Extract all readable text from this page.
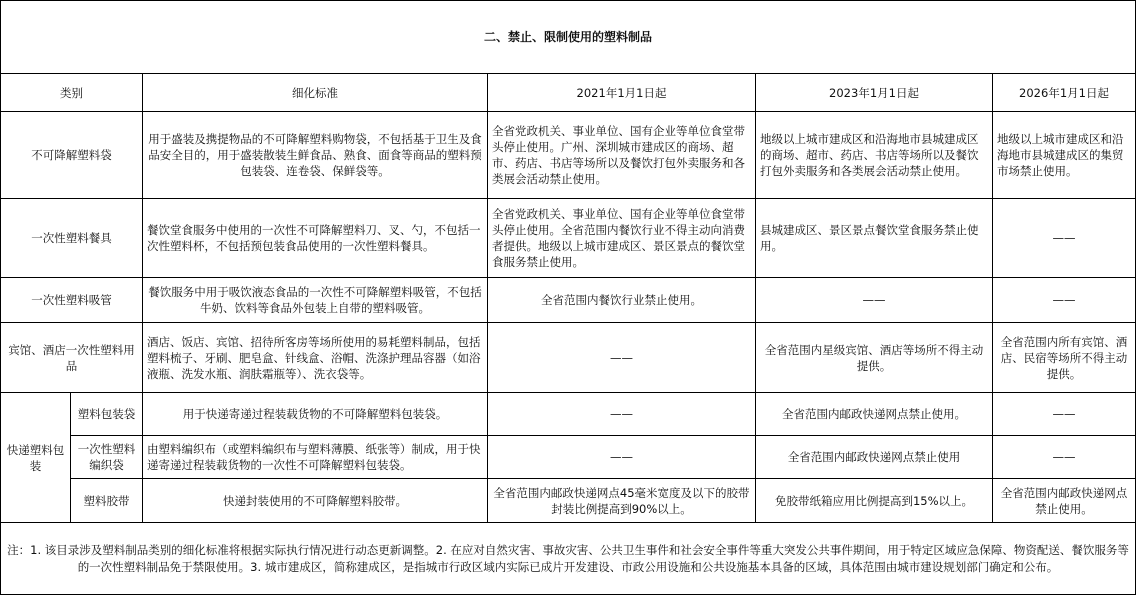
二、禁止、限制使用的塑料制品					
类别		细化标准	2021年1月1日起	2023年1月1日起	2026年1月1日起
不可降解塑料袋		用于盛装及携提物品的不可降解塑料购物袋，不包括基于卫生及食品安全目的，用于盛装散装生鲜食品、熟食、面食等商品的塑料预包装袋、连卷袋、保鲜袋等。	全省党政机关、事业单位、国有企业等单位食堂带头停止使用。广州、深圳城市建成区的商场、超市、药店、书店等场所以及餐饮打包外卖服务和各类展会活动禁止使用。	地级以上城市建成区和沿海地市县城建成区的商场、超市、药店、书店等场所以及餐饮打包外卖服务和各类展会活动禁止使用。	地级以上城市建成区和沿海地市县城建成区的集贸市场禁止使用。
一次性塑料餐具		餐饮堂食服务中使用的一次性不可降解塑料刀、叉、勺，不包括一次性塑料杯，不包括预包装食品使用的一次性塑料餐具。	全省党政机关、事业单位、国有企业等单位食堂带头停止使用。全省范围内餐饮行业不得主动向消费者提供。地级以上城市建成区、景区景点的餐饮堂食服务禁止使用。	县城建成区、景区景点餐饮堂食服务禁止使用。	——
一次性塑料吸管		餐饮服务中用于吸饮液态食品的一次性不可降解塑料吸管，不包括牛奶、饮料等食品外包装上自带的塑料吸管。	全省范围内餐饮行业禁止使用。	——	——
宾馆、酒店一次性塑料用品		酒店、饭店、宾馆、招待所客房等场所使用的易耗塑料制品，包括塑料梳子、牙刷、肥皂盒、针线盒、浴帽、洗涤护理品容器（如浴液瓶、洗发水瓶、润肤霜瓶等）、洗衣袋等。	——	全省范围内星级宾馆、酒店等场所不得主动提供。	全省范围内所有宾馆、酒店、民宿等场所不得主动提供。
快递塑料包装	塑料包装袋	用于快递寄递过程装载货物的不可降解塑料包装袋。	——	全省范围内邮政快递网点禁止使用。	——
	一次性塑料编织袋	由塑料编织布（或塑料编织布与塑料薄膜、纸张等）制成，用于快递寄递过程装载货物的一次性不可降解塑料包装袋。	——	全省范围内邮政快递网点禁止使用	——
	塑料胶带	快递封装使用的不可降解塑料胶带。	全省范围内邮政快递网点45毫米宽度及以下的胶带封装比例提高到90%以上。	免胶带纸箱应用比例提高到15%以上。	全省范围内邮政快递网点禁止使用。
注：1. 该目录涉及塑料制品类别的细化标准将根据实际执行情况进行动态更新调整。2. 在应对自然灾害、事故灾害、公共卫生事件和社会安全事件等重大突发公共事件期间，用于特定区域应急保障、物资配送、餐饮服务等的一次性塑料制品免于禁限使用。3. 城市建成区，简称建成区，是指城市行政区域内实际已成片开发建设、市政公用设施和公共设施基本具备的区域，具体范围由城市建设规划部门确定和公布。					
